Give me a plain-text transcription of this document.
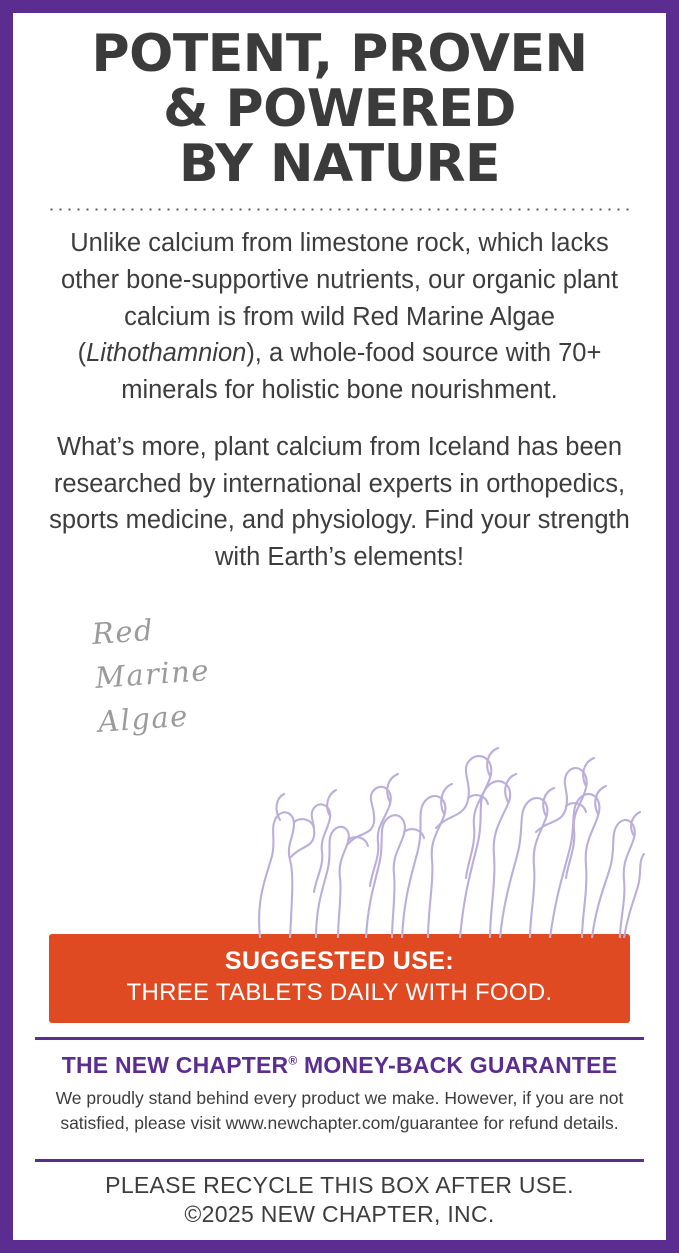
POTENT, PROVEN
& POWERED
BY NATURE

Unlike calcium from limestone rock, which lacks other bone-supportive nutrients, our organic plant calcium is from wild Red Marine Algae (Lithothamnion), a whole-food source with 70+ minerals for holistic bone nourishment.

What’s more, plant calcium from Iceland has been researched by international experts in orthopedics, sports medicine, and physiology. Find your strength with Earth’s elements!

Red
Marine
Algae
SUGGESTED USE:
THREE TABLETS DAILY WITH FOOD.
THE NEW CHAPTER® MONEY-BACK GUARANTEE
We proudly stand behind every product we make. However, if you are not satisfied, please visit www.newchapter.com/guarantee for refund details.
PLEASE RECYCLE THIS BOX AFTER USE.
©2025 NEW CHAPTER, INC.
